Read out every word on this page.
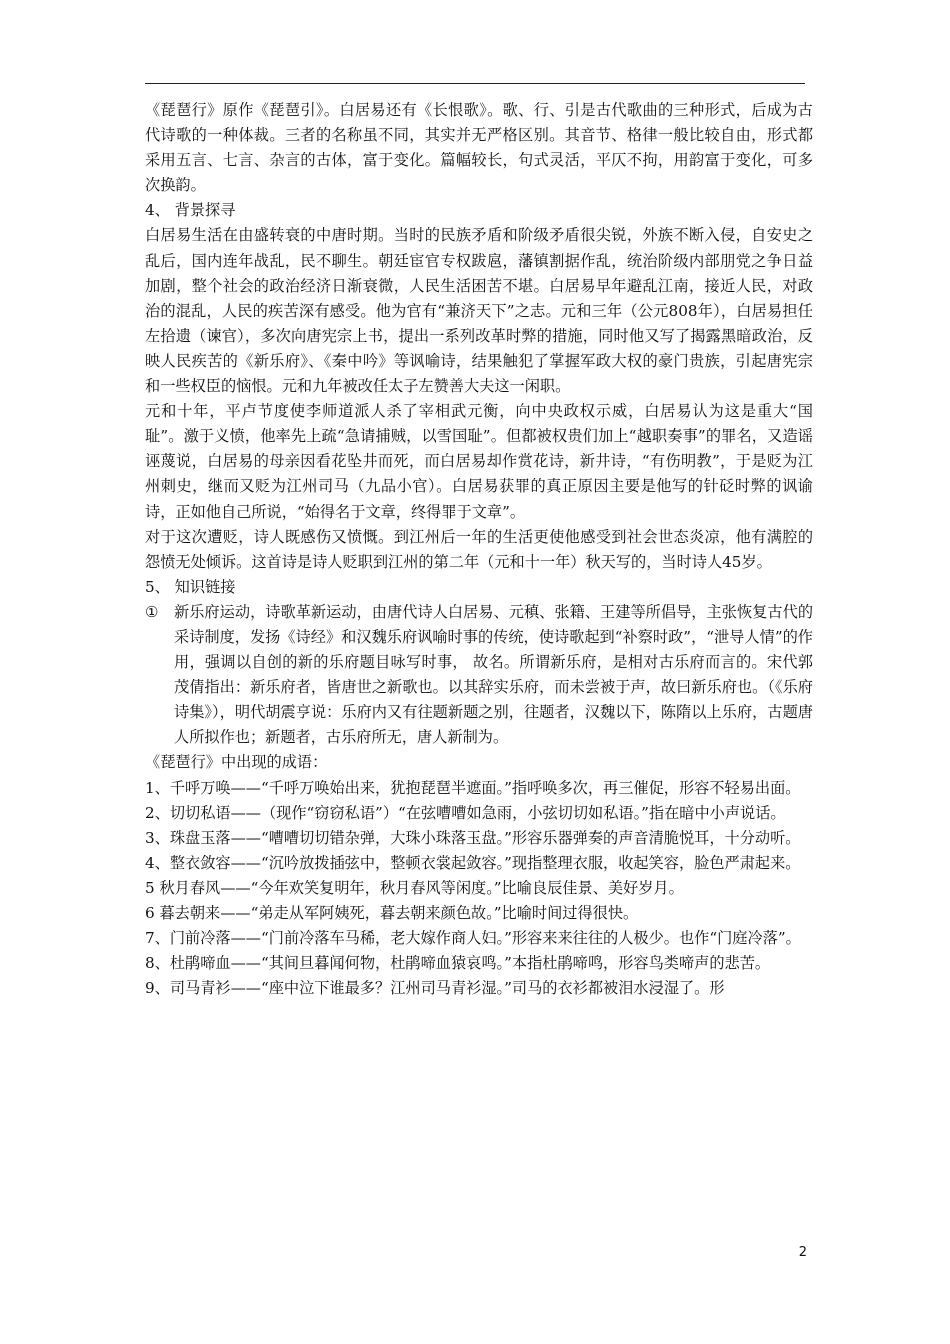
《琵琶行》原作《琵琶引》。白居易还有《长恨歌》。歌、行、引是古代歌曲的三种形式，后成为古代诗歌的一种体裁。三者的名称虽不同，其实并无严格区别。其音节、格律一般比较自由，形式都采用五言、七言、杂言的古体，富于变化。篇幅较长，句式灵活，平仄不拘，用韵富于变化，可多次换韵。

4、 背景探寻

白居易生活在由盛转衰的中唐时期。当时的民族矛盾和阶级矛盾很尖锐，外族不断入侵，自安史之乱后，国内连年战乱，民不聊生。朝廷宦官专权跋扈，藩镇割据作乱，统治阶级内部朋党之争日益加剧，整个社会的政治经济日渐衰微，人民生活困苦不堪。白居易早年避乱江南，接近人民，对政治的混乱，人民的疾苦深有感受。他为官有“兼济天下”之志。元和三年（公元808年），白居易担任左拾遗（谏官），多次向唐宪宗上书，提出一系列改革时弊的措施，同时他又写了揭露黑暗政治，反映人民疾苦的《新乐府》、《秦中吟》等讽喻诗，结果触犯了掌握军政大权的豪门贵族，引起唐宪宗和一些权臣的恼恨。元和九年被改任太子左赞善大夫这一闲职。

元和十年，平卢节度使李师道派人杀了宰相武元衡，向中央政权示威，白居易认为这是重大“国耻”。激于义愤，他率先上疏“急请捕贼，以雪国耻”。但都被权贵们加上“越职奏事”的罪名，又造谣诬蔑说，白居易的母亲因看花坠井而死，而白居易却作赏花诗，新井诗，“有伤明教”，于是贬为江州刺史，继而又贬为江州司马（九品小官）。白居易获罪的真正原因主要是他写的针砭时弊的讽谕诗，正如他自己所说，“始得名于文章，终得罪于文章”。

对于这次遭贬，诗人既感伤又愤慨。到江州后一年的生活更使他感受到社会世态炎凉，他有满腔的怨愤无处倾诉。这首诗是诗人贬职到江州的第二年（元和十一年）秋天写的，当时诗人45岁。

5、 知识链接

① 新乐府运动，诗歌革新运动，由唐代诗人白居易、元稹、张籍、王建等所倡导，主张恢复古代的采诗制度，发扬《诗经》和汉魏乐府讽喻时事的传统，使诗歌起到“补察时政”，“泄导人情”的作用，强调以自创的新的乐府题目咏写时事， 故名。所谓新乐府，是相对古乐府而言的。宋代郭茂倩指出：新乐府者，皆唐世之新歌也。以其辞实乐府，而未尝被于声，故曰新乐府也。（《乐府诗集》），明代胡震亨说：乐府内又有往题新题之别，往题者，汉魏以下，陈隋以上乐府，古题唐人所拟作也；新题者，古乐府所无，唐人新制为。

《琵琶行》中出现的成语：

1、千呼万唤——“千呼万唤始出来，犹抱琵琶半遮面。”指呼唤多次，再三催促，形容不轻易出面。

2、切切私语——（现作“窃窃私语”）“在弦嘈嘈如急雨，小弦切切如私语。”指在暗中小声说话。

3、珠盘玉落——“嘈嘈切切错杂弹，大珠小珠落玉盘。”形容乐器弹奏的声音清脆悦耳，十分动听。

4、整衣敛容——“沉吟放拨插弦中，整顿衣裳起敛容。”现指整理衣服，收起笑容，脸色严肃起来。

5 秋月春风——“今年欢笑复明年，秋月春风等闲度。”比喻良辰佳景、美好岁月。

6 暮去朝来——“弟走从军阿姨死，暮去朝来颜色故。”比喻时间过得很快。

7、门前冷落——“门前冷落车马稀，老大嫁作商人妇。”形容来来往往的人极少。也作“门庭冷落”。

8、杜鹃啼血——“其间旦暮闻何物，杜鹃啼血猿哀鸣。”本指杜鹃啼鸣，形容鸟类啼声的悲苦。

9、司马青衫——“座中泣下谁最多？江州司马青衫湿。”司马的衣衫都被泪水浸湿了。形

2
